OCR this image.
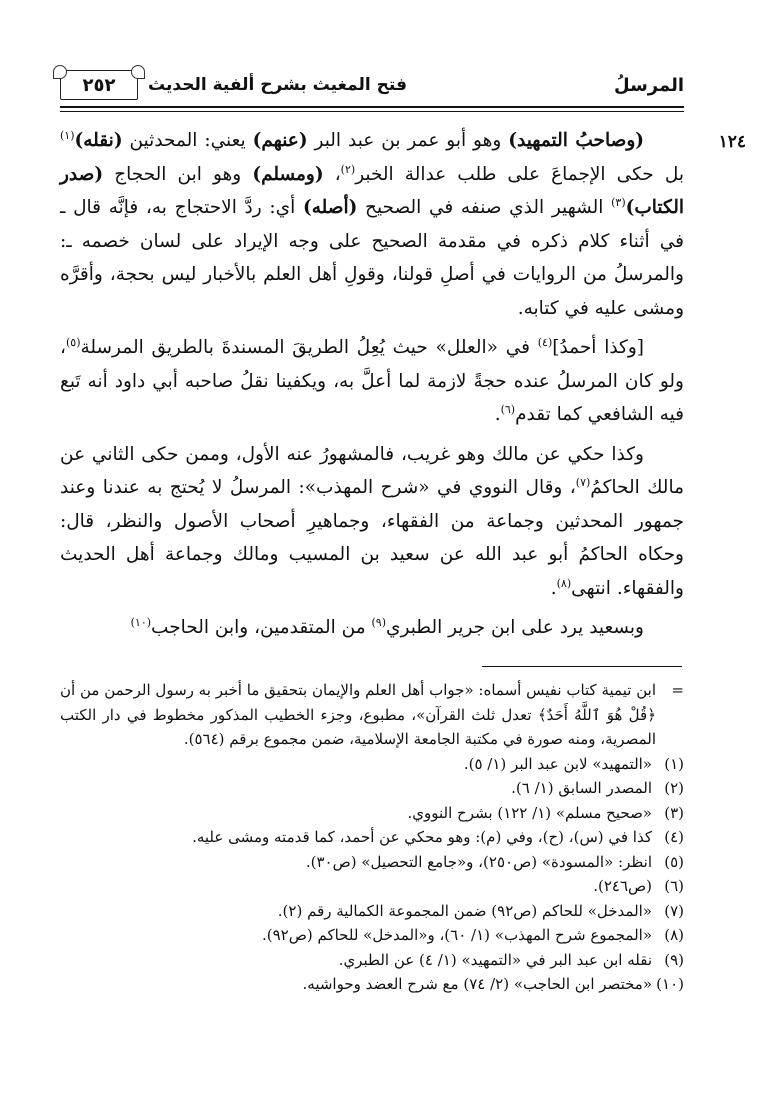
المرسلُ
فتح المغيث بشرح ألفية الحديث
٢٥٢
١٢٤

(وصاحبُ التمهيد) وهو أبو عمر بن عبد البر (عنهم) يعني: المحدثين (نقله)$^{(١)}$ بل حكى الإجماعَ على طلب عدالة الخبر$^{(٢)}$، (ومسلم) وهو ابن الحجاج (صدر الكتاب)$^{(٣)}$ الشهير الذي صنفه في الصحيح (أصله) أي: ردَّ الاحتجاج به، فإنَّه قال ـ في أثناء كلام ذكره في مقدمة الصحيح على وجه الإيراد على لسان خصمه ـ: والمرسلُ من الروايات في أصلِ قولنا، وقولِ أهل العلم بالأخبار ليس بحجة، وأقرَّه ومشى عليه في كتابه.

[وكذا أحمدُ]$^{(٤)}$ في «العلل» حيث يُعِلُ الطريقَ المسندةَ بالطريق المرسلة$^{(٥)}$، ولو كان المرسلُ عنده حجةً لازمة لما أعلَّ به، ويكفينا نقلُ صاحبه أبي داود أنه تَبع فيه الشافعي كما تقدم$^{(٦)}$.

وكذا حكي عن مالك وهو غريب، فالمشهورُ عنه الأول، وممن حكى الثاني عن مالك الحاكمُ$^{(٧)}$، وقال النووي في «شرح المهذب»: المرسلُ لا يُحتج به عندنا وعند جمهور المحدثين وجماعة من الفقهاء، وجماهيرِ أصحاب الأصول والنظر، قال: وحكاه الحاكمُ أبو عبد الله عن سعيد بن المسيب ومالك وجماعة أهل الحديث والفقهاء. انتهى$^{(٨)}$.

وبسعيد يرد على ابن جرير الطبري$^{(٩)}$ من المتقدمين، وابن الحاجب$^{(١٠)}$

=
ابن تيمية كتاب نفيس أسماه: «جواب أهل العلم والإيمان بتحقيق ما أخبر به رسول الرحمن من أن ﴿قُلْ هُوَ ٱللَّهُ أَحَدٌ﴾ تعدل ثلث القرآن»، مطبوع، وجزء الخطيب المذكور مخطوط في دار الكتب المصرية، ومنه صورة في مكتبة الجامعة الإسلامية، ضمن مجموع برقم (٥٦٤).
(١)
«التمهيد» لابن عبد البر (١/ ٥).
(٢)
المصدر السابق (١/ ٦).
(٣)
«صحيح مسلم» (١/ ١٢٢) بشرح النووي.
(٤)
كذا في (س)، (ح)، وفي (م): وهو محكي عن أحمد، كما قدمته ومشى عليه.
(٥)
انظر: «المسودة» (ص٢٥٠)، و«جامع التحصيل» (ص٣٠).
(٦)
(ص٢٤٦).
(٧)
«المدخل» للحاكم (ص٩٢) ضمن المجموعة الكمالية رقم (٢).
(٨)
«المجموع شرح المهذب» (١/ ٦٠)، و«المدخل» للحاكم (ص٩٢).
(٩)
نقله ابن عبد البر في «التمهيد» (١/ ٤) عن الطبري.
(١٠)
«مختصر ابن الحاجب» (٢/ ٧٤) مع شرح العضد وحواشيه.
